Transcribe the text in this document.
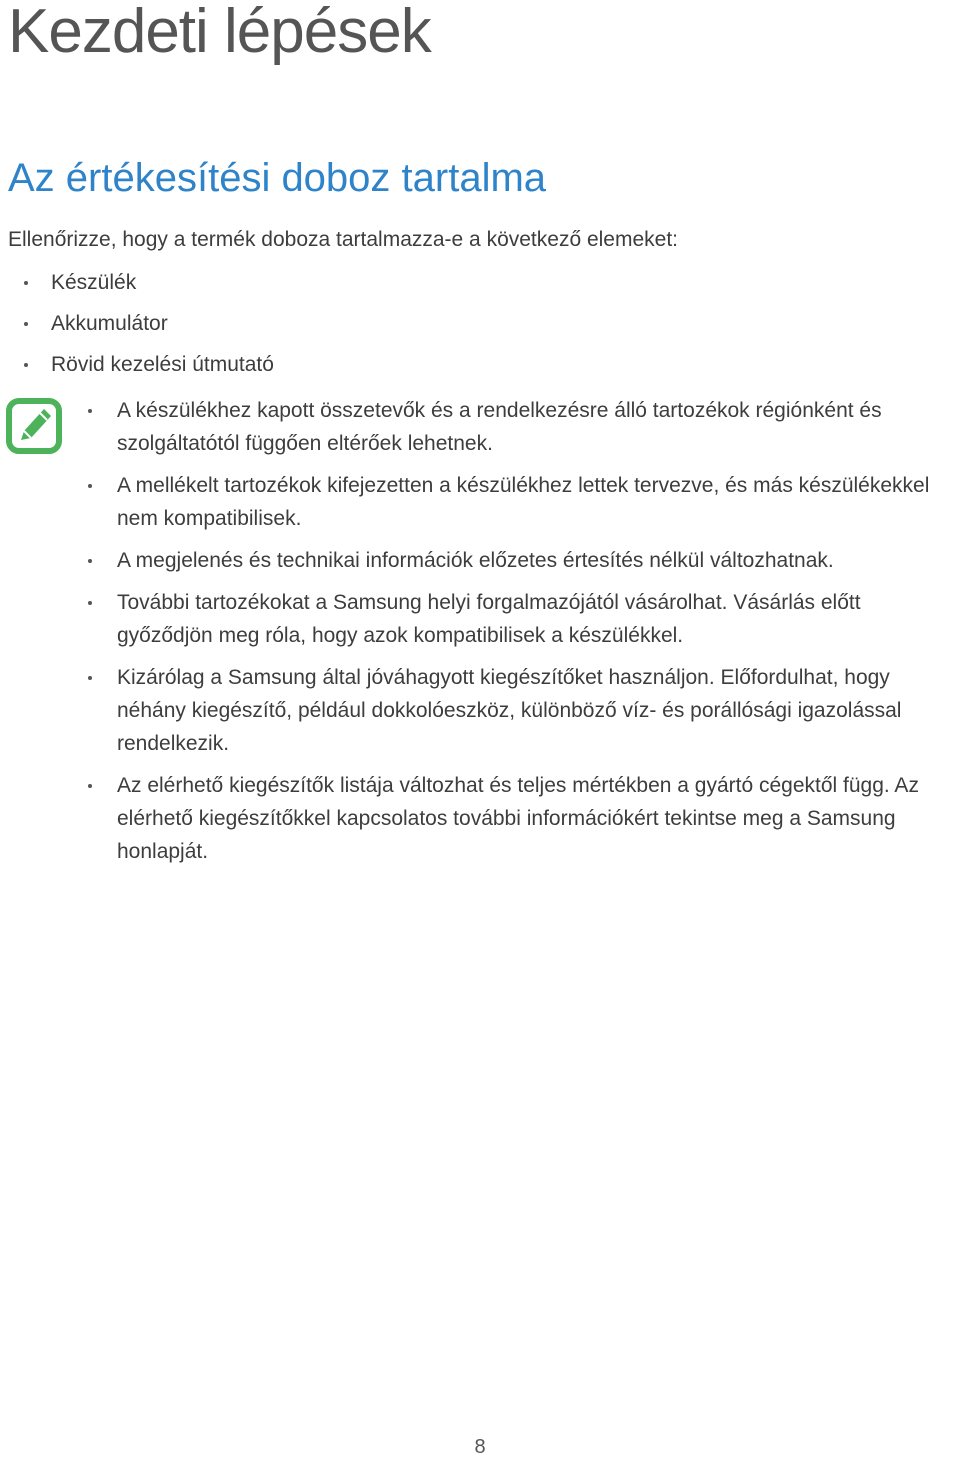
Kezdeti lépések
Az értékesítési doboz tartalma

Ellenőrizze, hogy a termék doboza tartalmazza-e a következő elemeket:

Készülék
Akkumulátor
Rövid kezelési útmutató
A készülékhez kapott összetevők és a rendelkezésre álló tartozékok régiónként és szolgáltatótól függően eltérőek lehetnek.
A mellékelt tartozékok kifejezetten a készülékhez lettek tervezve, és más készülékekkel nem kompatibilisek.
A megjelenés és technikai információk előzetes értesítés nélkül változhatnak.
További tartozékokat a Samsung helyi forgalmazójától vásárolhat. Vásárlás előtt győződjön meg róla, hogy azok kompatibilisek a készülékkel.
Kizárólag a Samsung által jóváhagyott kiegészítőket használjon. Előfordulhat, hogy néhány kiegészítő, például dokkolóeszköz, különböző víz- és porállósági igazolással rendelkezik.
Az elérhető kiegészítők listája változhat és teljes mértékben a gyártó cégektől függ. Az elérhető kiegészítőkkel kapcsolatos további információkért tekintse meg a Samsung honlapját.
8
